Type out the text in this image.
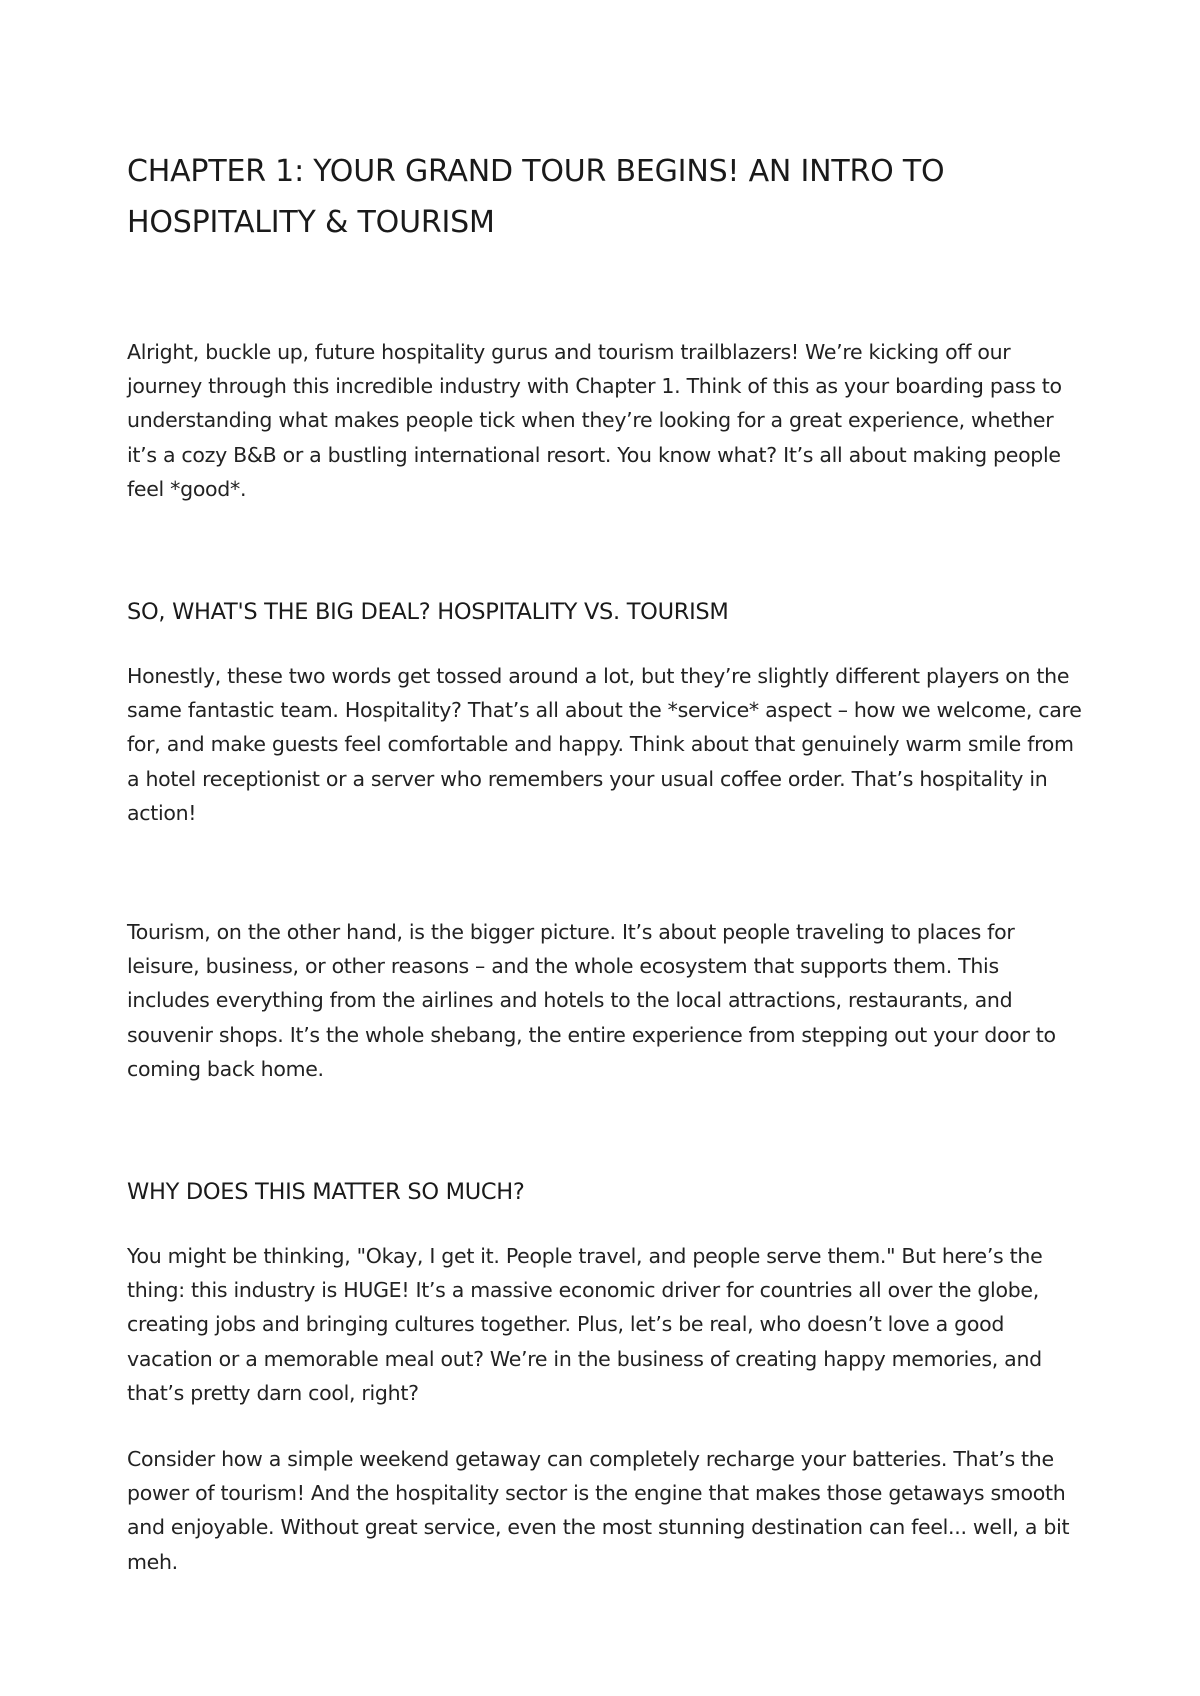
CHAPTER 1: YOUR GRAND TOUR BEGINS! AN INTRO TO HOSPITALITY & TOURISM

Alright, buckle up, future hospitality gurus and tourism trailblazers! We’re kicking off our journey through this incredible industry with Chapter 1. Think of this as your boarding pass to understanding what makes people tick when they’re looking for a great experience, whether it’s a cozy B&B or a bustling international resort. You know what? It’s all about making people feel *good*.

SO, WHAT'S THE BIG DEAL? HOSPITALITY VS. TOURISM

Honestly, these two words get tossed around a lot, but they’re slightly different players on the same fantastic team. Hospitality? That’s all about the *service* aspect – how we welcome, care for, and make guests feel comfortable and happy. Think about that genuinely warm smile from a hotel receptionist or a server who remembers your usual coffee order. That’s hospitality in action!

Tourism, on the other hand, is the bigger picture. It’s about people traveling to places for leisure, business, or other reasons – and the whole ecosystem that supports them. This includes everything from the airlines and hotels to the local attractions, restaurants, and souvenir shops. It’s the whole shebang, the entire experience from stepping out your door to coming back home.

WHY DOES THIS MATTER SO MUCH?

You might be thinking, "Okay, I get it. People travel, and people serve them." But here’s the thing: this industry is HUGE! It’s a massive economic driver for countries all over the globe, creating jobs and bringing cultures together. Plus, let’s be real, who doesn’t love a good vacation or a memorable meal out? We’re in the business of creating happy memories, and that’s pretty darn cool, right?

Consider how a simple weekend getaway can completely recharge your batteries. That’s the power of tourism! And the hospitality sector is the engine that makes those getaways smooth and enjoyable. Without great service, even the most stunning destination can feel... well, a bit meh.
